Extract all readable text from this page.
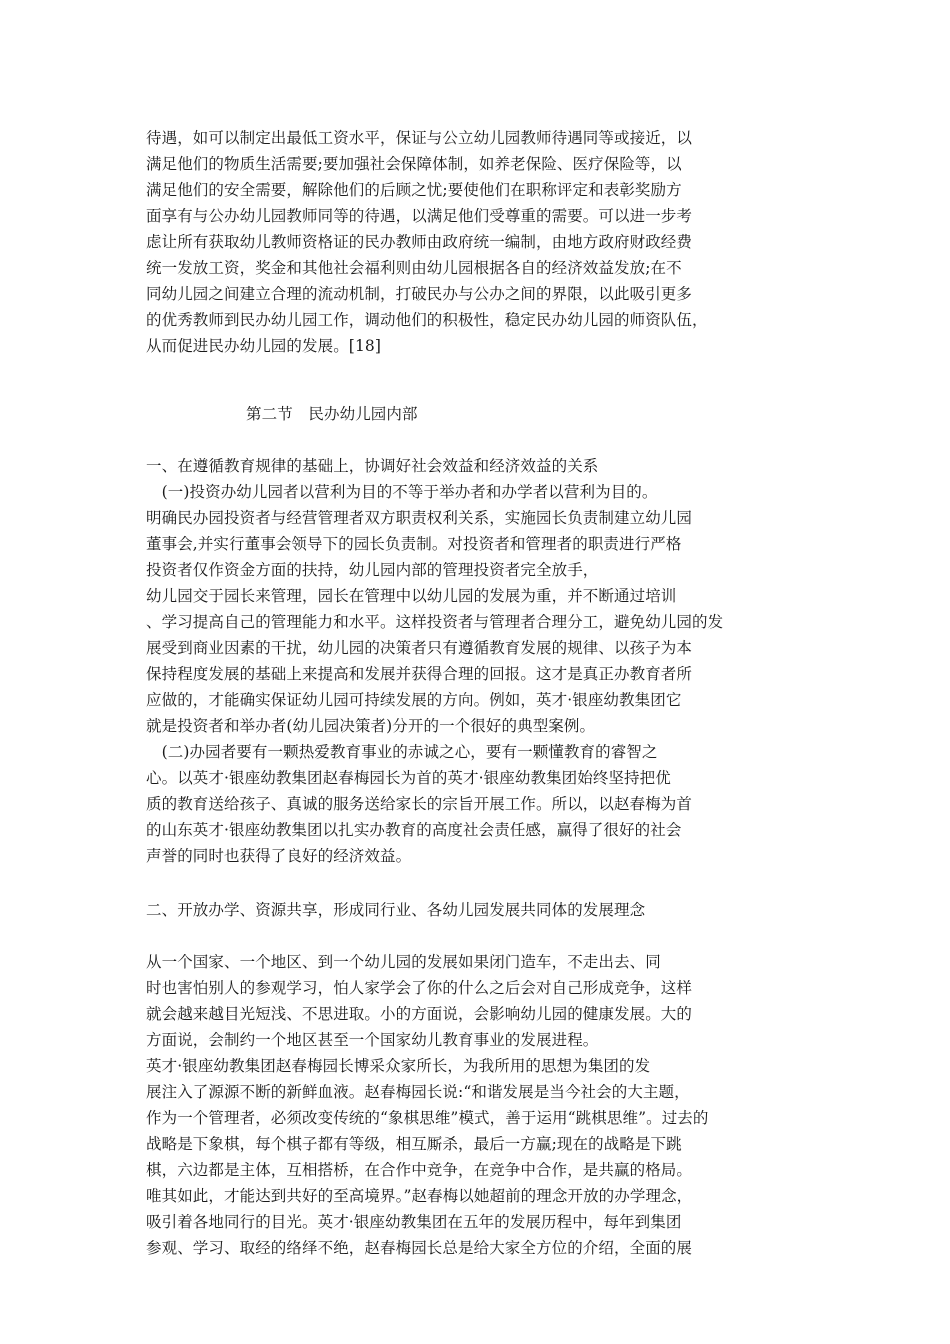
待遇，如可以制定出最低工资水平，保证与公立幼儿园教师待遇同等或接近，以
满足他们的物质生活需要;要加强社会保障体制，如养老保险、医疗保险等，以
满足他们的安全需要，解除他们的后顾之忧;要使他们在职称评定和表彰奖励方
面享有与公办幼儿园教师同等的待遇，以满足他们受尊重的需要。可以进一步考
虑让所有获取幼儿教师资格证的民办教师由政府统一编制，由地方政府财政经费
统一发放工资，奖金和其他社会福利则由幼儿园根据各自的经济效益发放;在不
同幼儿园之间建立合理的流动机制，打破民办与公办之间的界限，以此吸引更多
的优秀教师到民办幼儿园工作，调动他们的积极性，稳定民办幼儿园的师资队伍，
从而促进民办幼儿园的发展。[18]
第二节　民办幼儿园内部
一、在遵循教育规律的基础上，协调好社会效益和经济效益的关系
　(一)投资办幼儿园者以营利为目的不等于举办者和办学者以营利为目的。
明确民办园投资者与经营管理者双方职责权利关系，实施园长负责制建立幼儿园
董事会,并实行董事会领导下的园长负责制。对投资者和管理者的职责进行严格
投资者仅作资金方面的扶持，幼儿园内部的管理投资者完全放手，
幼儿园交于园长来管理，园长在管理中以幼儿园的发展为重，并不断通过培训
、学习提高自己的管理能力和水平。这样投资者与管理者合理分工，避免幼儿园的发
展受到商业因素的干扰，幼儿园的决策者只有遵循教育发展的规律、以孩子为本
保持程度发展的基础上来提高和发展并获得合理的回报。这才是真正办教育者所
应做的，才能确实保证幼儿园可持续发展的方向。例如，英才·银座幼教集团它
就是投资者和举办者(幼儿园决策者)分开的一个很好的典型案例。
　(二)办园者要有一颗热爱教育事业的赤诚之心，要有一颗懂教育的睿智之
心。以英才·银座幼教集团赵春梅园长为首的英才·银座幼教集团始终坚持把优
质的教育送给孩子、真诚的服务送给家长的宗旨开展工作。所以，以赵春梅为首
的山东英才·银座幼教集团以扎实办教育的高度社会责任感，赢得了很好的社会
声誉的同时也获得了良好的经济效益。
二、开放办学、资源共享，形成同行业、各幼儿园发展共同体的发展理念
从一个国家、一个地区、到一个幼儿园的发展如果闭门造车，不走出去、同
时也害怕别人的参观学习，怕人家学会了你的什么之后会对自己形成竞争，这样
就会越来越目光短浅、不思进取。小的方面说，会影响幼儿园的健康发展。大的
方面说，会制约一个地区甚至一个国家幼儿教育事业的发展进程。
英才·银座幼教集团赵春梅园长博采众家所长，为我所用的思想为集团的发
展注入了源源不断的新鲜血液。赵春梅园长说:“和谐发展是当今社会的大主题，
作为一个管理者，必须改变传统的“象棋思维”模式，善于运用“跳棋思维”。过去的
战略是下象棋，每个棋子都有等级，相互厮杀，最后一方赢;现在的战略是下跳
棋，六边都是主体，互相搭桥，在合作中竞争，在竞争中合作，是共赢的格局。
唯其如此，才能达到共好的至高境界。”赵春梅以她超前的理念开放的办学理念，
吸引着各地同行的目光。英才·银座幼教集团在五年的发展历程中，每年到集团
参观、学习、取经的络绎不绝，赵春梅园长总是给大家全方位的介绍，全面的展
